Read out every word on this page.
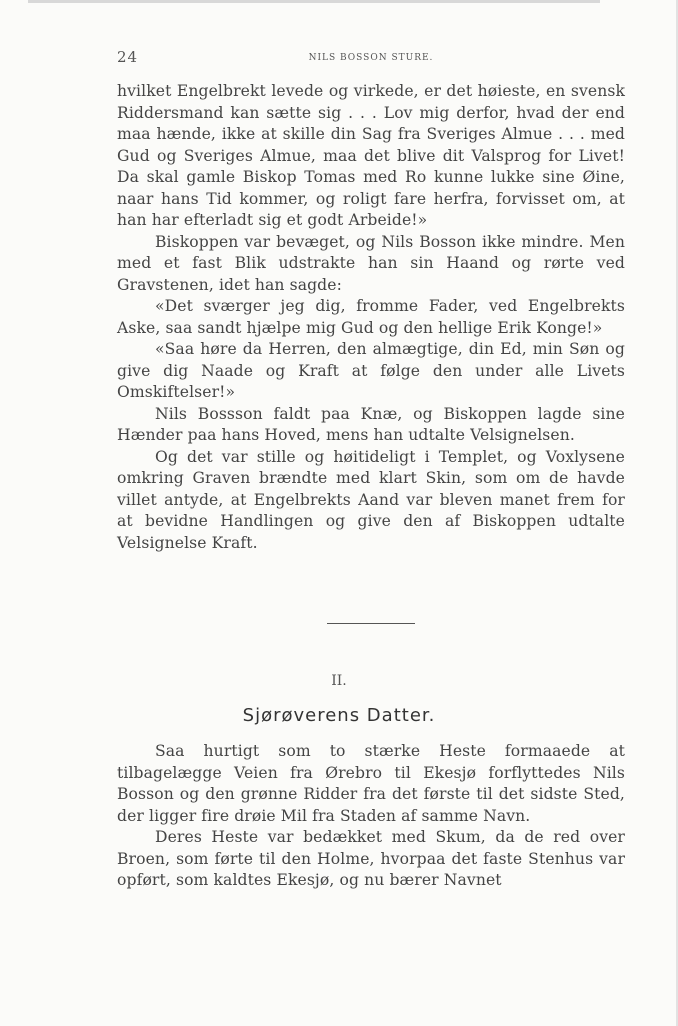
24	NILS BOSSON STURE.

hvilket Engelbrekt levede og virkede, er det høieste, en svensk Riddersmand kan sætte sig . . . Lov mig derfor, hvad der end maa hænde, ikke at skille din Sag fra Sveriges Almue . . . med Gud og Sveriges Almue, maa det blive dit Valsprog for Livet! Da skal gamle Biskop Tomas med Ro kunne lukke sine Øine, naar hans Tid kommer, og roligt fare herfra, forvisset om, at han har efterladt sig et godt Arbeide!»

Biskoppen var bevæget, og Nils Bosson ikke mindre. Men med et fast Blik udstrakte han sin Haand og rørte ved Gravstenen, idet han sagde:

«Det sværger jeg dig, fromme Fader, ved Engelbrekts Aske, saa sandt hjælpe mig Gud og den hellige Erik Konge!»

«Saa høre da Herren, den almægtige, din Ed, min Søn og give dig Naade og Kraft at følge den under alle Livets Omskiftelser!»

Nils Bossson faldt paa Knæ, og Biskoppen lagde sine Hænder paa hans Hoved, mens han udtalte Velsignelsen.

Og det var stille og høitideligt i Templet, og Voxlysene omkring Graven brændte med klart Skin, som om de havde villet antyde, at Engelbrekts Aand var bleven manet frem for at bevidne Handlingen og give den af Biskoppen udtalte Velsignelse Kraft.

II.
Sjørøverens Datter.

Saa hurtigt som to stærke Heste formaaede at tilbagelægge Veien fra Ørebro til Ekesjø forflyttedes Nils Bosson og den grønne Ridder fra det første til det sidste Sted, der ligger fire drøie Mil fra Staden af samme Navn.

Deres Heste var bedækket med Skum, da de red over Broen, som førte til den Holme, hvorpaa det faste Stenhus var opført, som kaldtes Ekesjø, og nu bærer Navnet
